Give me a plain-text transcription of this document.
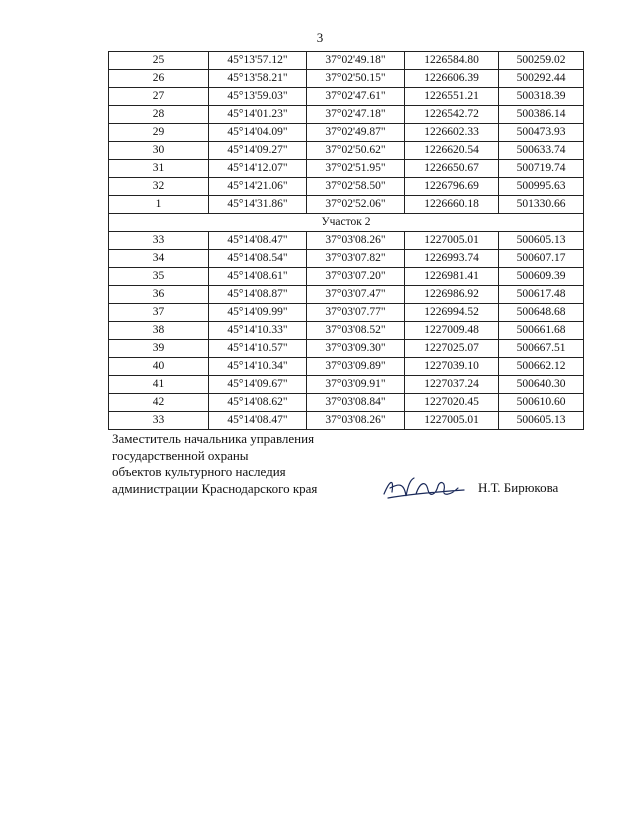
3
25	45°13'57.12"	37°02'49.18"	1226584.80	500259.02
26	45°13'58.21"	37°02'50.15"	1226606.39	500292.44
27	45°13'59.03"	37°02'47.61"	1226551.21	500318.39
28	45°14'01.23"	37°02'47.18"	1226542.72	500386.14
29	45°14'04.09"	37°02'49.87"	1226602.33	500473.93
30	45°14'09.27"	37°02'50.62"	1226620.54	500633.74
31	45°14'12.07"	37°02'51.95"	1226650.67	500719.74
32	45°14'21.06"	37°02'58.50"	1226796.69	500995.63
1	45°14'31.86"	37°02'52.06"	1226660.18	501330.66
Участок 2				
33	45°14'08.47"	37°03'08.26"	1227005.01	500605.13
34	45°14'08.54"	37°03'07.82"	1226993.74	500607.17
35	45°14'08.61"	37°03'07.20"	1226981.41	500609.39
36	45°14'08.87"	37°03'07.47"	1226986.92	500617.48
37	45°14'09.99"	37°03'07.77"	1226994.52	500648.68
38	45°14'10.33"	37°03'08.52"	1227009.48	500661.68
39	45°14'10.57"	37°03'09.30"	1227025.07	500667.51
40	45°14'10.34"	37°03'09.89"	1227039.10	500662.12
41	45°14'09.67"	37°03'09.91"	1227037.24	500640.30
42	45°14'08.62"	37°03'08.84"	1227020.45	500610.60
33	45°14'08.47"	37°03'08.26"	1227005.01	500605.13
Заместитель начальника управления
государственной охраны
объектов культурного наследия
администрации Краснодарского края	Н.Т. Бирюкова
